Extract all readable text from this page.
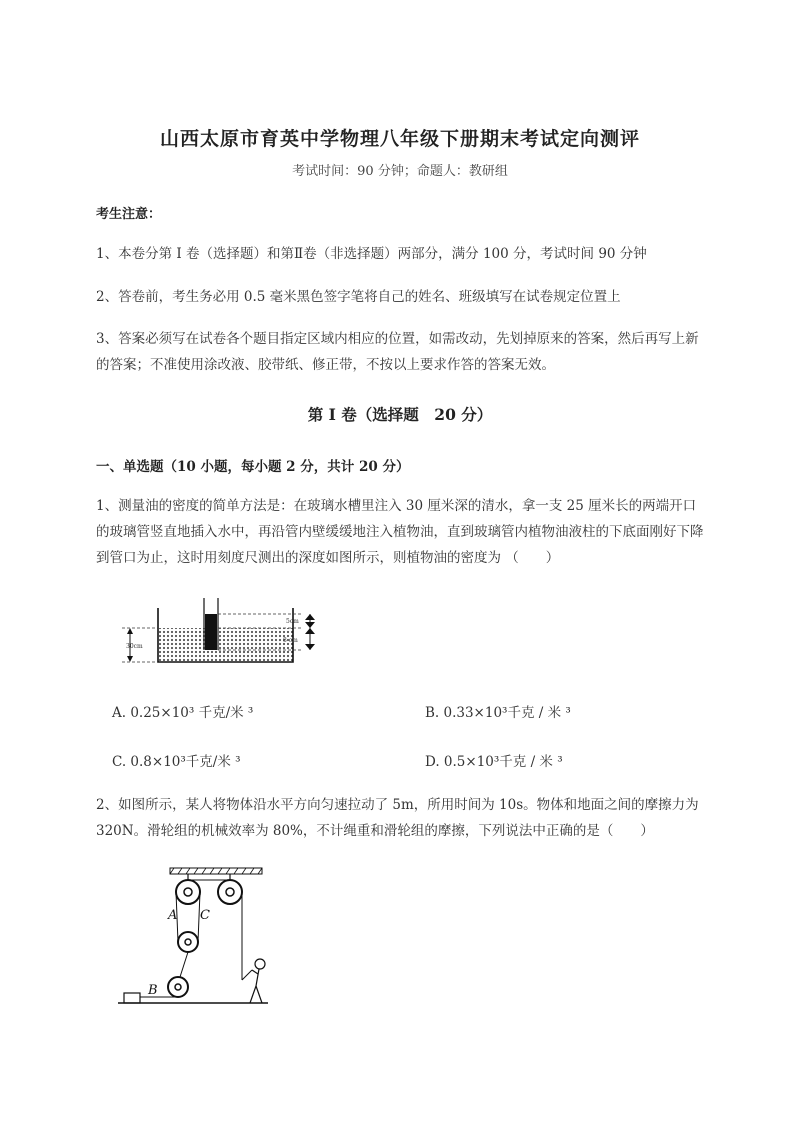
山西太原市育英中学物理八年级下册期末考试定向测评
考试时间：90 分钟；命题人：教研组
考生注意：
1、本卷分第 I 卷（选择题）和第Ⅱ卷（非选择题）两部分，满分 100 分，考试时间 90 分钟
2、答卷前，考生务必用 0.5 毫米黑色签字笔将自己的姓名、班级填写在试卷规定位置上
3、答案必须写在试卷各个题目指定区域内相应的位置，如需改动，先划掉原来的答案，然后再写上新的答案；不准使用涂改液、胶带纸、修正带，不按以上要求作答的答案无效。
第 I 卷（选择题　20 分）
一、单选题（10 小题，每小题 2 分，共计 20 分）
1、测量油的密度的简单方法是：在玻璃水槽里注入 30 厘米深的清水，拿一支 25 厘米长的两端开口的玻璃管竖直地插入水中，再沿管内壁缓缓地注入植物油，直到玻璃管内植物油液柱的下底面刚好下降到管口为止，这时用刻度尺测出的深度如图所示，则植物油的密度为 （　　）
30cm
5cm
8 cm
A. 0.25×10³ 千克/米 ³	B. 0.33×10³千克 / 米 ³
C. 0.8×10³千克/米 ³	D. 0.5×10³千克 / 米 ³
2、如图所示，某人将物体沿水平方向匀速拉动了 5m，所用时间为 10s。物体和地面之间的摩擦力为 320N。滑轮组的机械效率为 80%，不计绳重和滑轮组的摩擦，下列说法中正确的是（　　）
A C
B
